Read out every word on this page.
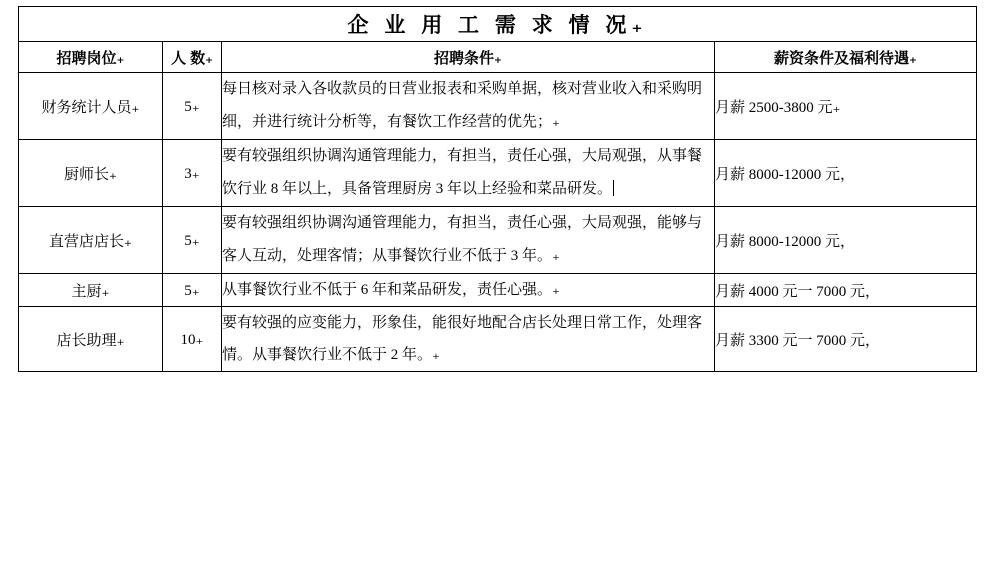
企 业 用 工 需 求 情 况₊			
招聘岗位₊	人 数₊	招聘条件₊	薪资条件及福利待遇₊
财务统计人员₊	5₊	每日核对录入各收款员的日营业报表和采购单据，核对营业收入和采购明细，并进行统计分析等，有餐饮工作经营的优先；₊	月薪 2500-3800 元₊
厨师长₊	3₊	要有较强组织协调沟通管理能力，有担当，责任心强，大局观强，从事餐饮行业 8 年以上，具备管理厨房 3 年以上经验和菜品研发。	月薪 8000-12000 元，
直营店店长₊	5₊	要有较强组织协调沟通管理能力，有担当，责任心强，大局观强，能够与客人互动，处理客情；从事餐饮行业不低于 3 年。₊	月薪 8000-12000 元，
主厨₊	5₊	从事餐饮行业不低于 6 年和菜品研发，责任心强。₊	月薪 4000 元一 7000 元，
店长助理₊	10₊	要有较强的应变能力，形象佳，能很好地配合店长处理日常工作，处理客情。从事餐饮行业不低于 2 年。₊	月薪 3300 元一 7000 元，
